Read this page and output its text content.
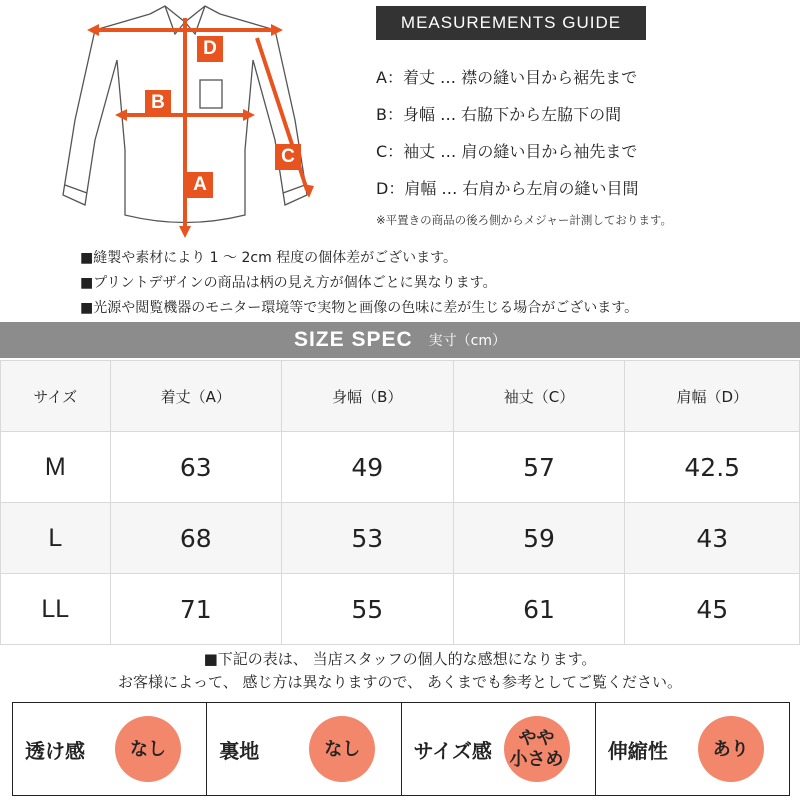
D
B
A
C
MEASUREMENTS GUIDE
A：着丈 … 襟の縫い目から裾先まで
B：身幅 … 右脇下から左脇下の間
C：袖丈 … 肩の縫い目から袖先まで
D：肩幅 … 右肩から左肩の縫い目間
※平置きの商品の後ろ側からメジャー計測しております。
■縫製や素材により 1 ～ 2cm 程度の個体差がございます。
■プリントデザインの商品は柄の見え方が個体ごとに異なります。
■光源や閲覧機器のモニター環境等で実物と画像の色味に差が生じる場合がございます。
SIZE SPEC 実寸（cm）
サイズ	着丈（A）	身幅（B）	袖丈（C）	肩幅（D）
M	63	49	57	42.5
L	68	53	59	43
LL	71	55	61	45
■下記の表は、 当店スタッフの個人的な感想になります。
お客様によって、 感じ方は異なりますので、 あくまでも参考としてご覧ください。
透け感	なし	裏地	なし	サイズ感	やや
小さめ	伸縮性	あり
